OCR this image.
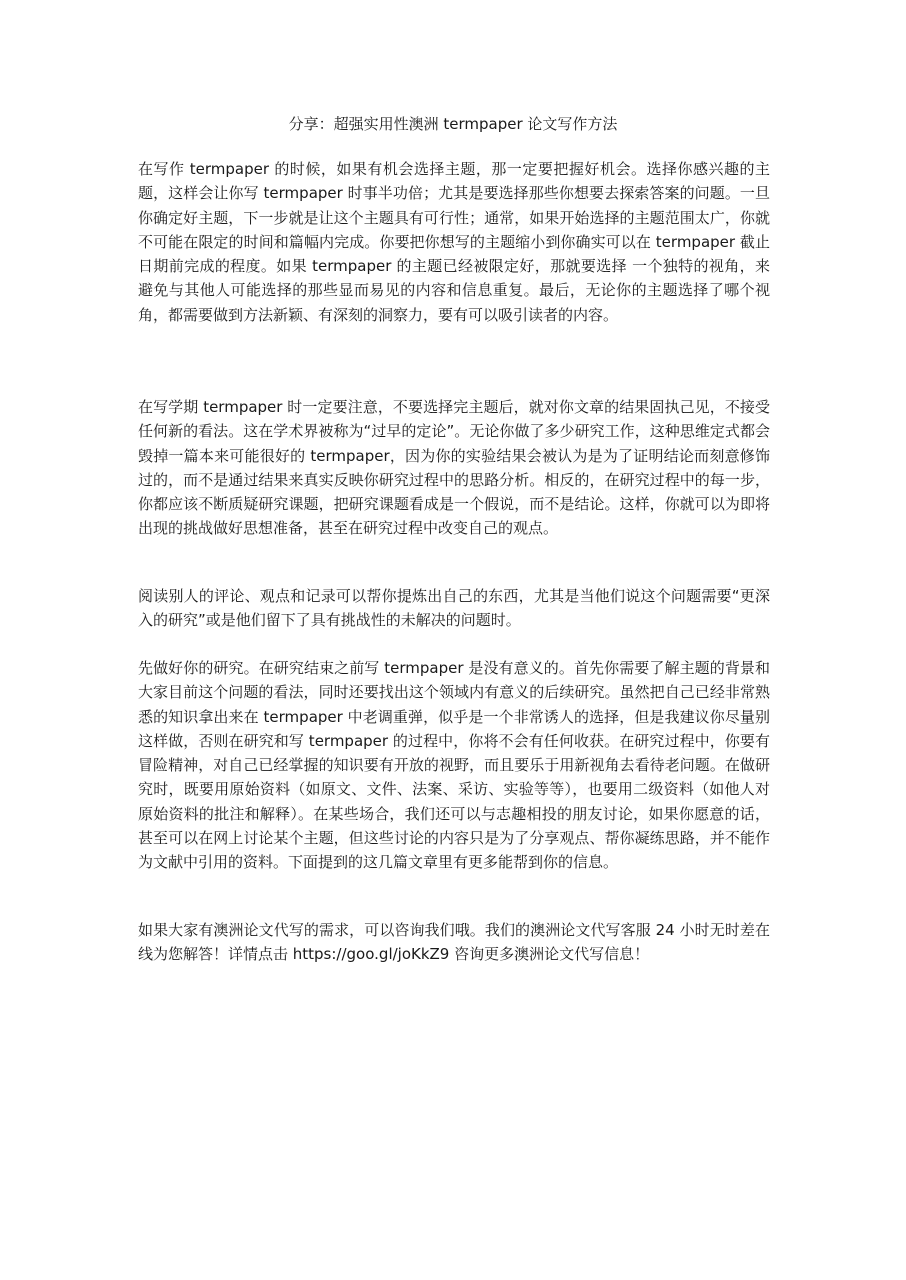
分享：超强实用性澳洲 termpaper 论文写作方法

在写作 termpaper 的时候，如果有机会选择主题，那一定要把握好机会。选择你感兴趣的主题，这样会让你写 termpaper 时事半功倍；尤其是要选择那些你想要去探索答案的问题。一旦你确定好主题，下一步就是让这个主题具有可行性；通常，如果开始选择的主题范围太广，你就不可能在限定的时间和篇幅内完成。你要把你想写的主题缩小到你确实可以在 termpaper 截止日期前完成的程度。如果 termpaper 的主题已经被限定好，那就要选择 一个独特的视角，来避免与其他人可能选择的那些显而易见的内容和信息重复。最后，无论你的主题选择了哪个视角，都需要做到方法新颖、有深刻的洞察力，要有可以吸引读者的内容。

在写学期 termpaper 时一定要注意，不要选择完主题后，就对你文章的结果固执己见，不接受任何新的看法。这在学术界被称为“过早的定论”。无论你做了多少研究工作，这种思维定式都会毁掉一篇本来可能很好的 termpaper，因为你的实验结果会被认为是为了证明结论而刻意修饰过的，而不是通过结果来真实反映你研究过程中的思路分析。相反的，在研究过程中的每一步，你都应该不断质疑研究课题，把研究课题看成是一个假说，而不是结论。这样，你就可以为即将出现的挑战做好思想准备，甚至在研究过程中改变自己的观点。

阅读别人的评论、观点和记录可以帮你提炼出自己的东西，尤其是当他们说这个问题需要“更深入的研究”或是他们留下了具有挑战性的未解决的问题时。

先做好你的研究。在研究结束之前写 termpaper 是没有意义的。首先你需要了解主题的背景和大家目前这个问题的看法，同时还要找出这个领域内有意义的后续研究。虽然把自己已经非常熟悉的知识拿出来在 termpaper 中老调重弹，似乎是一个非常诱人的选择，但是我建议你尽量别这样做，否则在研究和写 termpaper 的过程中，你将不会有任何收获。在研究过程中，你要有冒险精神，对自己已经掌握的知识要有开放的视野，而且要乐于用新视角去看待老问题。在做研究时，既要用原始资料（如原文、文件、法案、采访、实验等等），也要用二级资料（如他人对原始资料的批注和解释）。在某些场合，我们还可以与志趣相投的朋友讨论，如果你愿意的话，甚至可以在网上讨论某个主题，但这些讨论的内容只是为了分享观点、帮你凝练思路，并不能作为文献中引用的资料。下面提到的这几篇文章里有更多能帮到你的信息。

如果大家有澳洲论文代写的需求，可以咨询我们哦。我们的澳洲论文代写客服 24 小时无时差在线为您解答！详情点击 https://goo.gl/joKkZ9 咨询更多澳洲论文代写信息！
